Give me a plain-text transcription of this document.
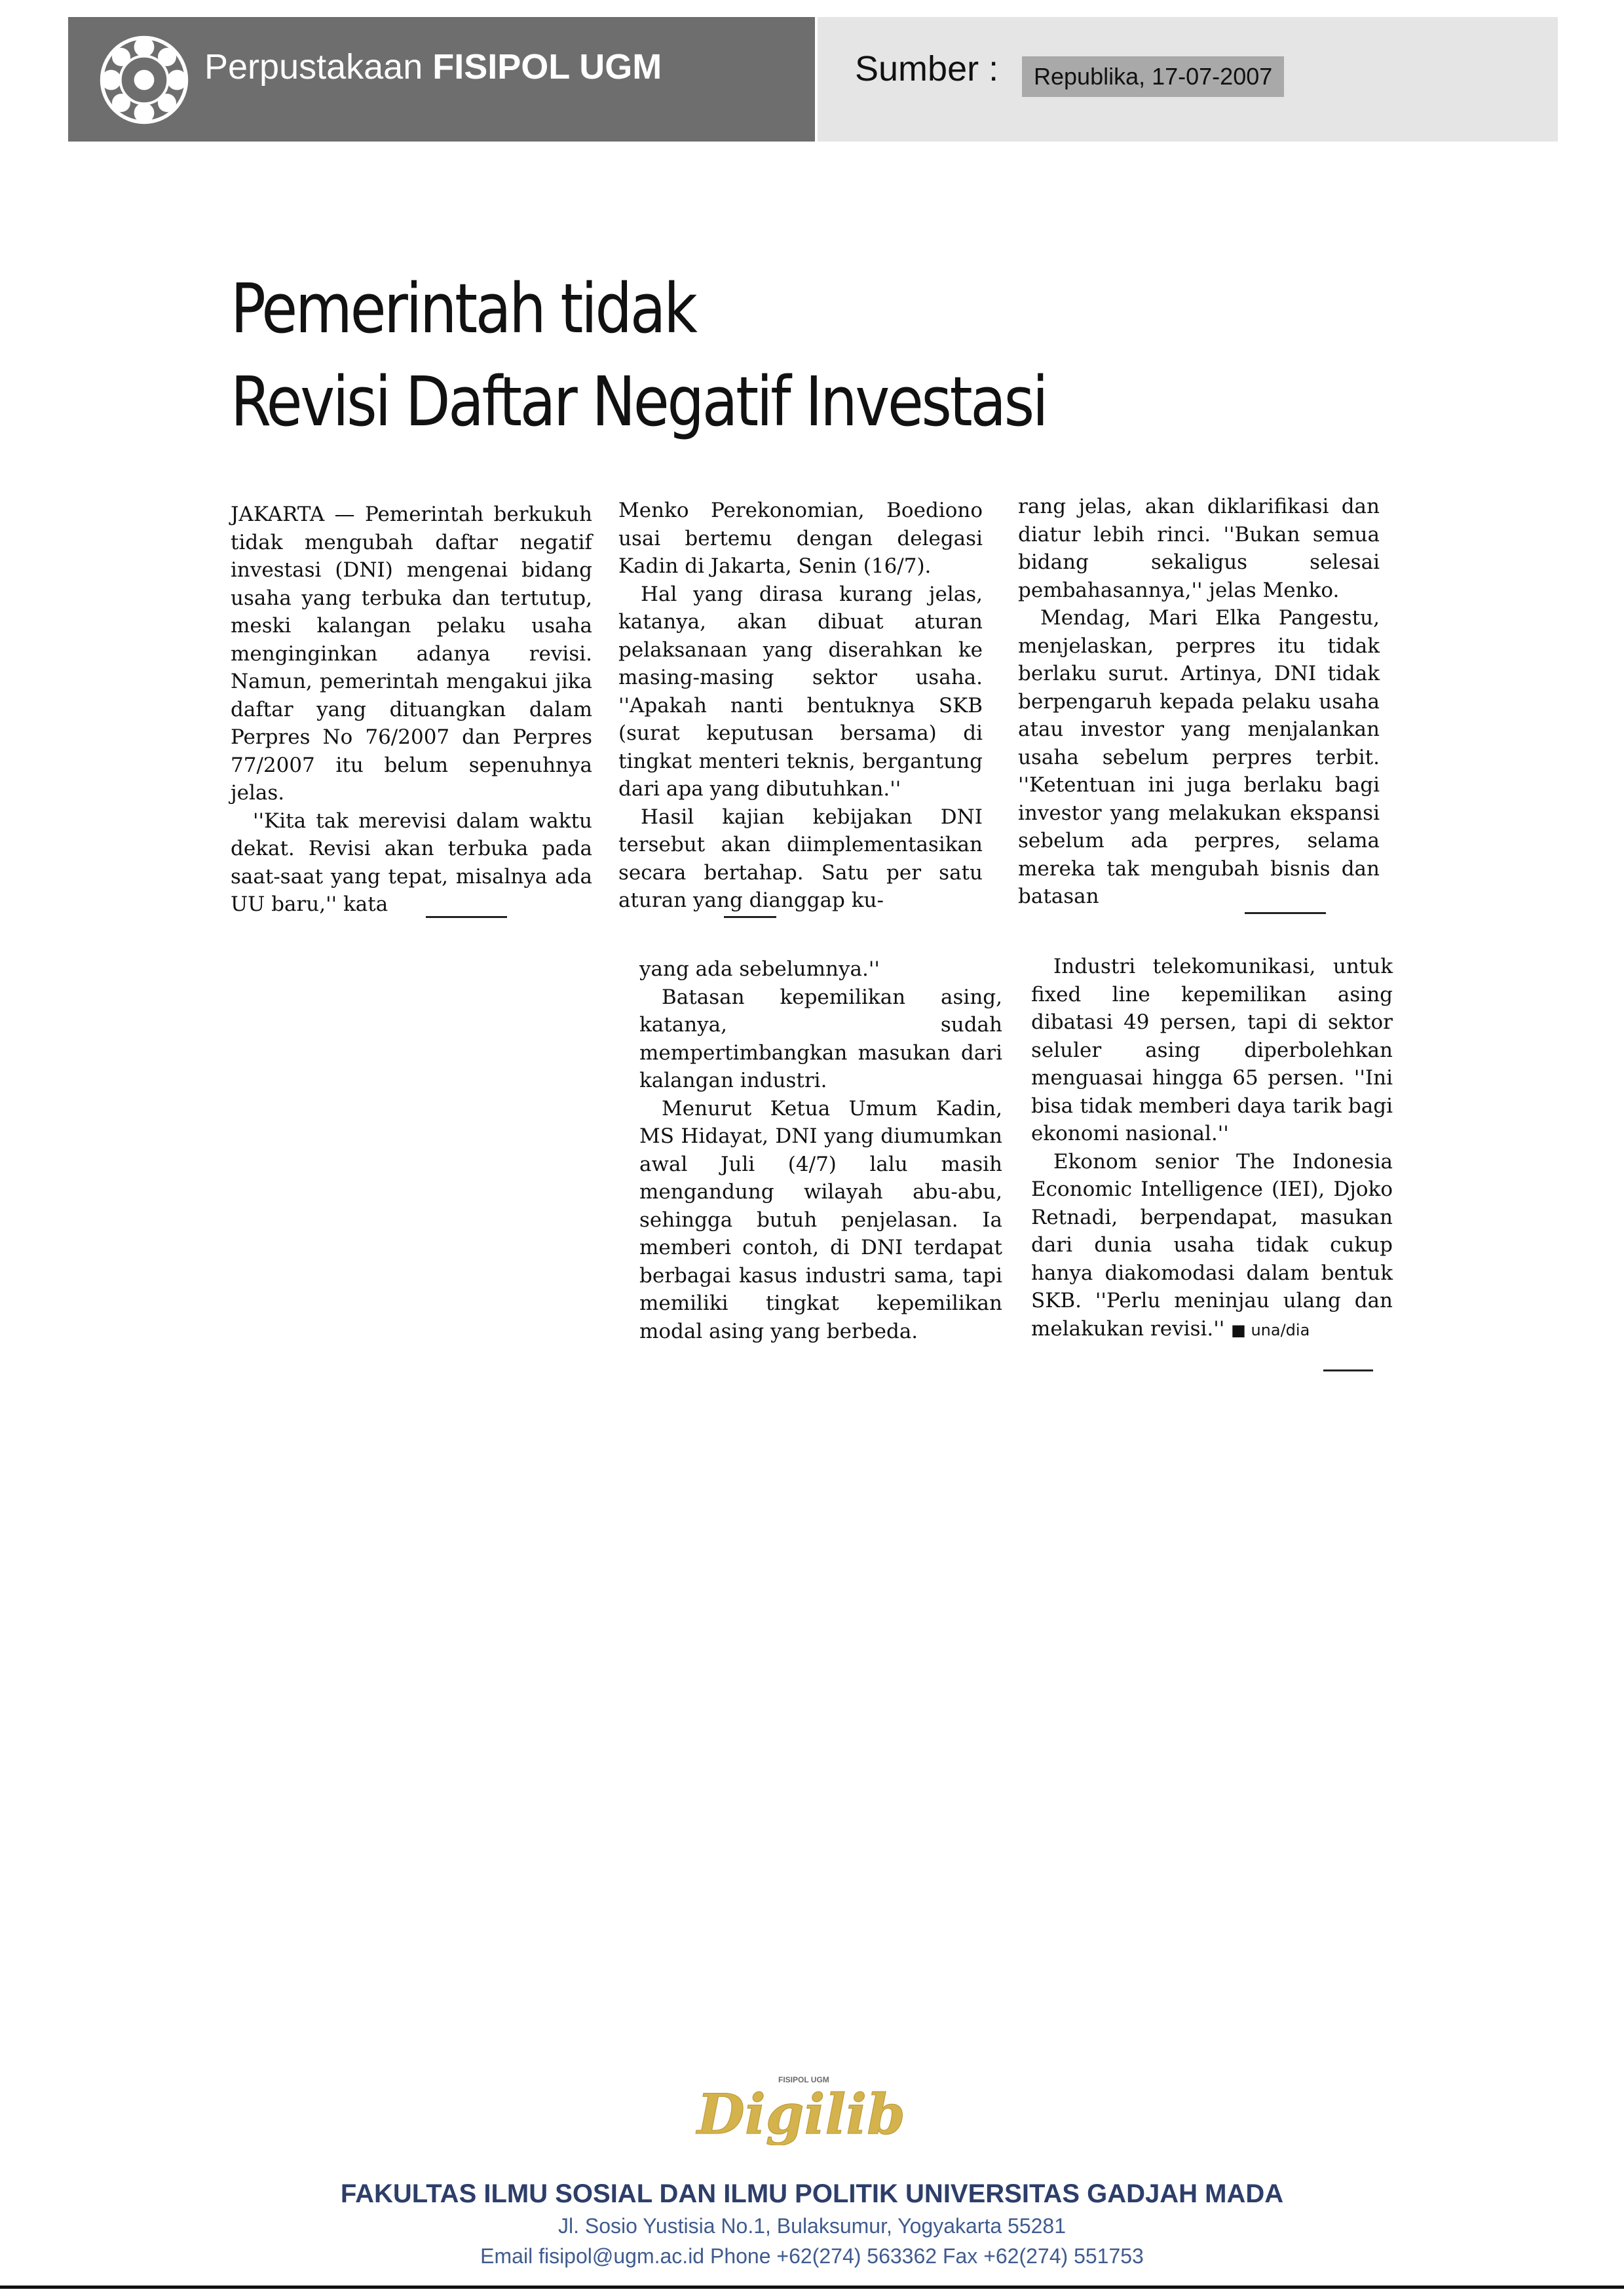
Perpustakaan FISIPOL UGM	Sumber :	Republika, 17-07-2007
Pemerintah tidak
Revisi Daftar Negatif Investasi

JAKARTA — Pemerintah berkukuh tidak mengubah daftar negatif investasi (DNI) mengenai bidang usaha yang terbuka dan tertutup, meski kalangan pelaku usaha menginginkan adanya revisi. Namun, pemerintah mengakui jika daftar yang dituangkan dalam Perpres No 76/2007 dan Perpres 77/2007 itu belum sepenuhnya jelas.

''Kita tak merevisi dalam waktu dekat. Revisi akan terbuka pada saat-saat yang tepat, misalnya ada UU baru,'' kata

Menko Perekonomian, Boediono usai bertemu dengan delegasi Kadin di Jakarta, Senin (16/7).

Hal yang dirasa kurang jelas, katanya, akan dibuat aturan pelaksanaan yang diserahkan ke masing-masing sektor usaha. ''Apakah nanti bentuknya SKB (surat keputusan bersama) di tingkat menteri teknis, bergantung dari apa yang dibutuhkan.''

Hasil kajian kebijakan DNI tersebut akan diimplementasikan secara bertahap. Satu per satu aturan yang dianggap ku-

rang jelas, akan diklarifikasi dan diatur lebih rinci. ''Bukan semua bidang sekaligus selesai pembahasannya,'' jelas Menko.

Mendag, Mari Elka Pangestu, menjelaskan, perpres itu tidak berlaku surut. Artinya, DNI tidak berpengaruh kepada pelaku usaha atau investor yang menjalankan usaha sebelum perpres terbit. ''Ketentuan ini juga berlaku bagi investor yang melakukan ekspansi sebelum ada perpres, selama mereka tak mengubah bisnis dan batasan

yang ada sebelumnya.''

Batasan kepemilikan asing, katanya, sudah mempertimbangkan masukan dari kalangan industri.

Menurut Ketua Umum Kadin, MS Hidayat, DNI yang diumumkan awal Juli (4/7) lalu masih mengandung wilayah abu-abu, sehingga butuh penjelasan. Ia memberi contoh, di DNI terdapat berbagai kasus industri sama, tapi memiliki tingkat kepemilikan modal asing yang berbeda.

Industri telekomunikasi, untuk fixed line kepemilikan asing dibatasi 49 persen, tapi di sektor seluler asing diperbolehkan menguasai hingga 65 persen. ''Ini bisa tidak memberi daya tarik bagi ekonomi nasional.''

Ekonom senior The Indonesia Economic Intelligence (IEI), Djoko Retnadi, berpendapat, masukan dari dunia usaha tidak cukup hanya diakomodasi dalam bentuk SKB. ''Perlu meninjau ulang dan melakukan revisi.'' ■ una/dia

FISIPOL UGM
Digilib
FAKULTAS ILMU SOSIAL DAN ILMU POLITIK UNIVERSITAS GADJAH MADA
Jl. Sosio Yustisia No.1, Bulaksumur, Yogyakarta 55281
Email fisipol@ugm.ac.id Phone +62(274) 563362 Fax +62(274) 551753
